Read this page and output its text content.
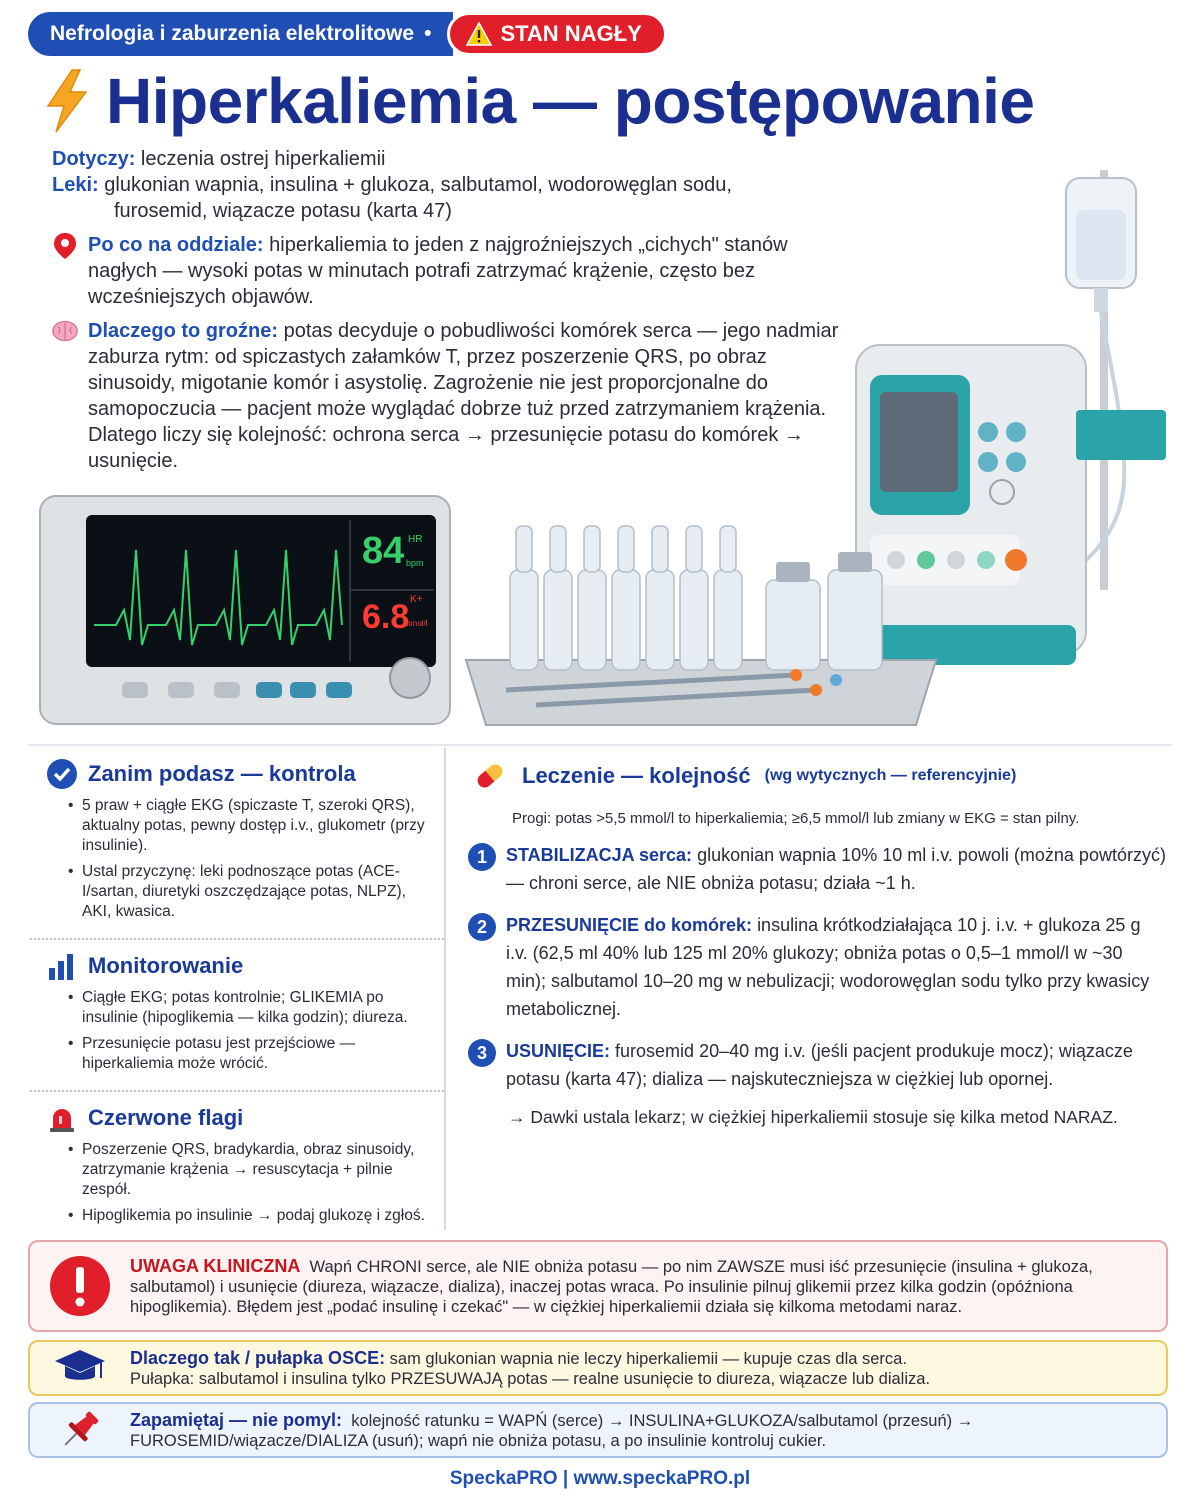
Nefrologia i zaburzenia elektrolitowe •	STAN NAGŁY
Hiperkaliemia — postępowanie
Dotyczy:
leczenia ostrej hiperkaliemii
Leki:
glukonian wapnia, insulina + glukoza, salbutamol, wodorowęglan sodu,
furosemid, wiązacze potasu (karta 47)
Po co na oddziale: hiperkaliemia to jeden z najgroźniejszych „cichych" stanów nagłych — wysoki potas w minutach potrafi zatrzymać krążenie, często bez wcześniejszych objawów.
Dlaczego to groźne: potas decyduje o pobudliwości komórek serca — jego nadmiar zaburza rytm: od spiczastych załamków T, przez poszerzenie QRS, po obraz sinusoidy, migotanie komór i asystolię. Zagrożenie nie jest proporcjonalne do samopoczucia — pacjent może wyglądać dobrze tuż przed zatrzymaniem krążenia. Dlatego liczy się kolejność: ochrona serca → przesunięcie potasu do komórek → usunięcie.
84 HR
bpm
6.8 K+
mmol/l
Zanim podasz — kontrola
• 5 praw + ciągłe EKG (spiczaste T, szeroki QRS), aktualny potas, pewny dostęp i.v., glukometr (przy insulinie).
• Ustal przyczynę: leki podnoszące potas (ACE-I/sartan, diuretyki oszczędzające potas, NLPZ), AKI, kwasica.
Monitorowanie
• Ciągłe EKG; potas kontrolnie; GLIKEMIA po insulinie (hipoglikemia — kilka godzin); diureza.
• Przesunięcie potasu jest przejściowe — hiperkaliemia może wrócić.
Czerwone flagi
• Poszerzenie QRS, bradykardia, obraz sinusoidy, zatrzymanie krążenia → resuscytacja + pilnie zespół.
• Hipoglikemia po insulinie → podaj glukozę i zgłoś.
Leczenie — kolejność (wg wytycznych — referencyjnie)
Progi: potas >5,5 mmol/l to hiperkaliemia; ≥6,5 mmol/l lub zmiany w EKG = stan pilny.
1	STABILIZACJA serca: glukonian wapnia 10% 10 ml i.v. powoli (można powtórzyć) — chroni serce, ale NIE obniża potasu; działa ~1 h.
2	PRZESUNIĘCIE do komórek: insulina krótkodziałająca 10 j. i.v. + glukoza 25 g i.v. (62,5 ml 40% lub 125 ml 20% glukozy; obniża potas o 0,5–1 mmol/l w ~30 min); salbutamol 10–20 mg w nebulizacji; wodorowęglan sodu tylko przy kwasicy metabolicznej.
3	USUNIĘCIE: furosemid 20–40 mg i.v. (jeśli pacjent produkuje mocz); wiązacze potasu (karta 47); dializa — najskuteczniejsza w ciężkiej lub opornej.
→ Dawki ustala lekarz; w ciężkiej hiperkaliemii stosuje się kilka metod NARAZ.
UWAGA KLINICZNA Wapń CHRONI serce, ale NIE obniża potasu — po nim ZAWSZE musi iść przesunięcie (insulina + glukoza, salbutamol) i usunięcie (diureza, wiązacze, dializa), inaczej potas wraca. Po insulinie pilnuj glikemii przez kilka godzin (opóźniona hipoglikemia). Błędem jest „podać insulinę i czekać" — w ciężkiej hiperkaliemii działa się kilkoma metodami naraz.
Dlaczego tak / pułapka OSCE: sam glukonian wapnia nie leczy hiperkaliemii — kupuje czas dla serca.
Pułapka: salbutamol i insulina tylko PRZESUWAJĄ potas — realne usunięcie to diureza, wiązacze lub dializa.
Zapamiętaj — nie pomyl: kolejność ratunku = WAPŃ (serce) → INSULINA+GLUKOZA/salbutamol (przesuń) → FUROSEMID/wiązacze/DIALIZA (usuń); wapń nie obniża potasu, a po insulinie kontroluj cukier.
SpeckaPRO | www.speckaPRO.pl
